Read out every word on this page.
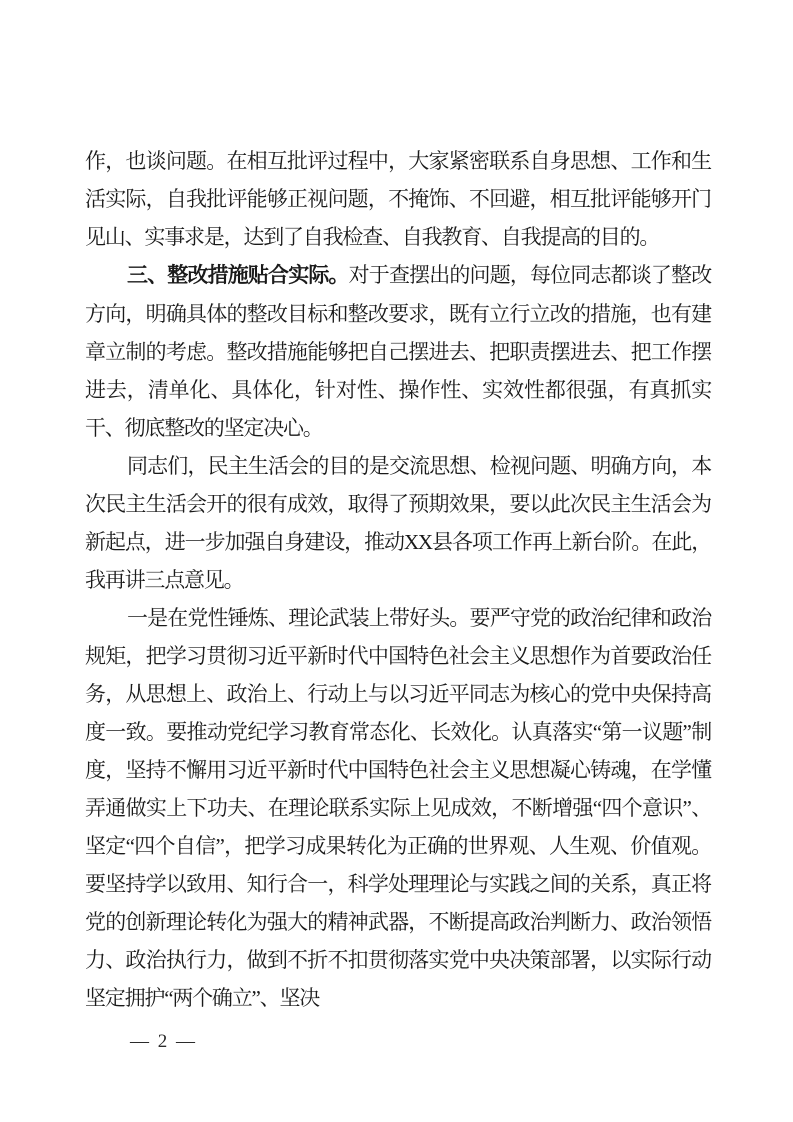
作，也谈问题。在相互批评过程中，大家紧密联系自身思想、工作和生活实际，自我批评能够正视问题，不掩饰、不回避，相互批评能够开门见山、实事求是，达到了自我检查、自我教育、自我提高的目的。

三、整改措施贴合实际。对于查摆出的问题，每位同志都谈了整改方向，明确具体的整改目标和整改要求，既有立行立改的措施，也有建章立制的考虑。整改措施能够把自己摆进去、把职责摆进去、把工作摆进去，清单化、具体化，针对性、操作性、实效性都很强，有真抓实干、彻底整改的坚定决心。

同志们，民主生活会的目的是交流思想、检视问题、明确方向，本次民主生活会开的很有成效，取得了预期效果，要以此次民主生活会为新起点，进一步加强自身建设，推动XX县各项工作再上新台阶。在此，我再讲三点意见。

一是在党性锤炼、理论武装上带好头。要严守党的政治纪律和政治规矩，把学习贯彻习近平新时代中国特色社会主义思想作为首要政治任务，从思想上、政治上、行动上与以习近平同志为核心的党中央保持高度一致。要推动党纪学习教育常态化、长效化。认真落实“第一议题”制度，坚持不懈用习近平新时代中国特色社会主义思想凝心铸魂，在学懂弄通做实上下功夫、在理论联系实际上见成效，不断增强“四个意识”、坚定“四个自信”，把学习成果转化为正确的世界观、人生观、价值观。要坚持学以致用、知行合一，科学处理理论与实践之间的关系，真正将党的创新理论转化为强大的精神武器，不断提高政治判断力、政治领悟力、政治执行力，做到不折不扣贯彻落实党中央决策部署，以实际行动坚定拥护“两个确立”、坚决

— 2 —
